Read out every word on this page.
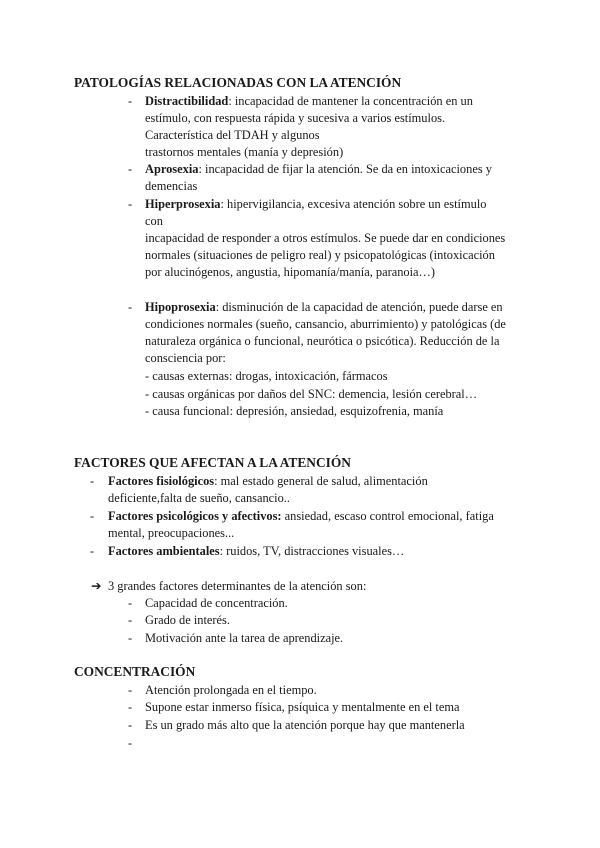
PATOLOGÍAS RELACIONADAS CON LA ATENCIÓN
- Distractibilidad: incapacidad de mantener la concentración en un
estímulo, con respuesta rápida y sucesiva a varios estímulos.
Característica del TDAH y algunos
trastornos mentales (manía y depresión)
- Aprosexia: incapacidad de fijar la atención. Se da en intoxicaciones y
demencias
- Hiperprosexia: hipervigilancia, excesiva atención sobre un estímulo
con
incapacidad de responder a otros estímulos. Se puede dar en condiciones
normales (situaciones de peligro real) y psicopatológicas (intoxicación
por alucinógenos, angustia, hipomanía/manía, paranoia…)
- Hipoprosexia: disminución de la capacidad de atención, puede darse en
condiciones normales (sueño, cansancio, aburrimiento) y patológicas (de
naturaleza orgánica o funcional, neurótica o psicótica). Reducción de la
consciencia por:
- causas externas: drogas, intoxicación, fármacos
- causas orgánicas por daños del SNC: demencia, lesión cerebral…
- causa funcional: depresión, ansiedad, esquizofrenia, manía
FACTORES QUE AFECTAN A LA ATENCIÓN
- Factores fisiológicos: mal estado general de salud, alimentación
deficiente,falta de sueño, cansancio..
- Factores psicológicos y afectivos: ansiedad, escaso control emocional, fatiga
mental, preocupaciones...
- Factores ambientales: ruidos, TV, distracciones visuales…
➔ 3 grandes factores determinantes de la atención son:
- Capacidad de concentración.
- Grado de interés.
- Motivación ante la tarea de aprendizaje.
CONCENTRACIÓN
- Atención prolongada en el tiempo.
- Supone estar inmerso física, psíquica y mentalmente en el tema
- Es un grado más alto que la atención porque hay que mantenerla
-
